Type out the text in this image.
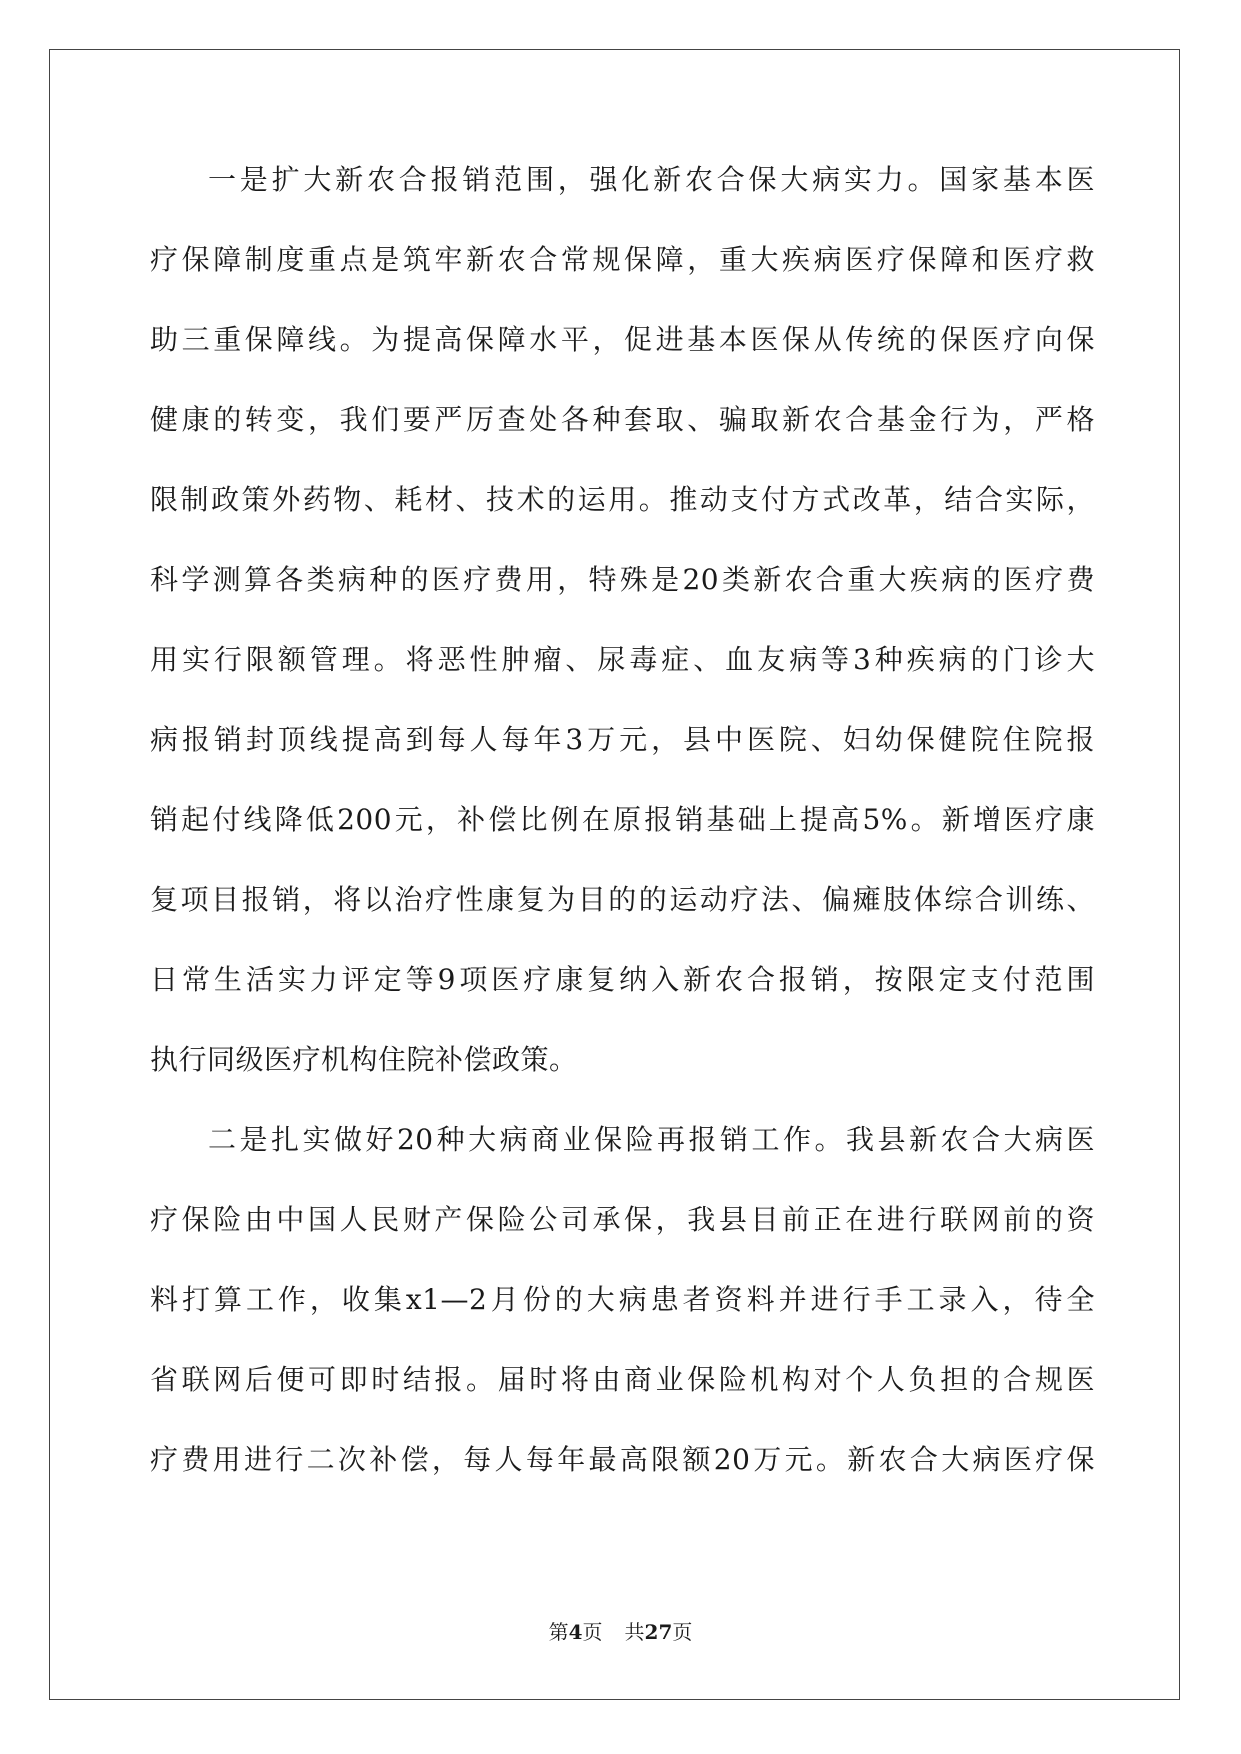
一是扩大新农合报销范围，强化新农合保大病实力。国家基本医
疗保障制度重点是筑牢新农合常规保障，重大疾病医疗保障和医疗救
助三重保障线。为提高保障水平，促进基本医保从传统的保医疗向保
健康的转变，我们要严厉查处各种套取、骗取新农合基金行为，严格
限制政策外药物、耗材、技术的运用。推动支付方式改革，结合实际，
科学测算各类病种的医疗费用，特殊是20类新农合重大疾病的医疗费
用实行限额管理。将恶性肿瘤、尿毒症、血友病等3种疾病的门诊大
病报销封顶线提高到每人每年3万元，县中医院、妇幼保健院住院报
销起付线降低200元，补偿比例在原报销基础上提高5%。新增医疗康
复项目报销，将以治疗性康复为目的的运动疗法、偏瘫肢体综合训练、
日常生活实力评定等9项医疗康复纳入新农合报销，按限定支付范围
执行同级医疗机构住院补偿政策。
二是扎实做好20种大病商业保险再报销工作。我县新农合大病医
疗保险由中国人民财产保险公司承保，我县目前正在进行联网前的资
料打算工作，收集x1—2月份的大病患者资料并进行手工录入，待全
省联网后便可即时结报。届时将由商业保险机构对个人负担的合规医
疗费用进行二次补偿，每人每年最高限额20万元。新农合大病医疗保
第4页 共27页
